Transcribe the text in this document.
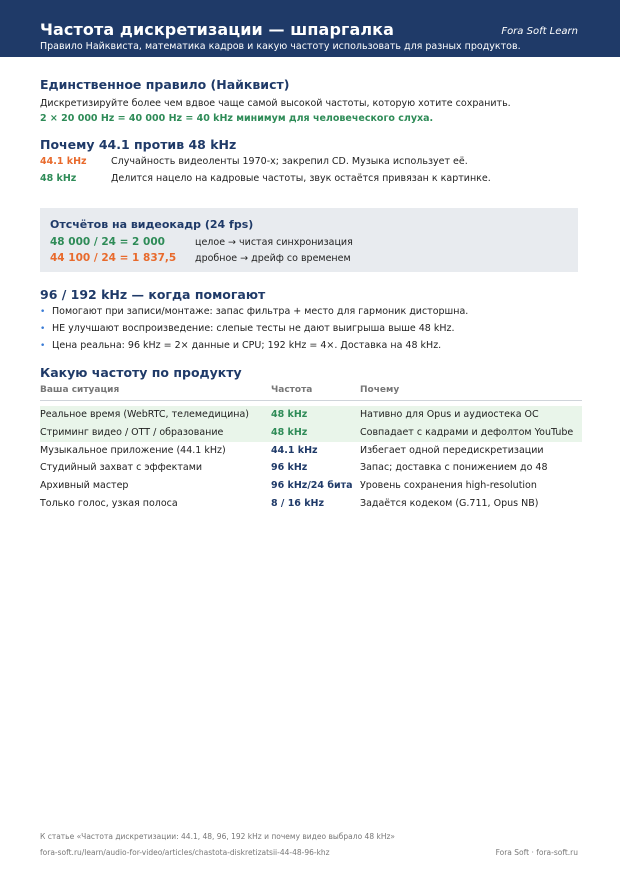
Частота дискретизации — шпаргалка	Fora Soft Learn
Правило Найквиста, математика кадров и какую частоту использовать для разных продуктов.
Единственное правило (Найквист)
Дискретизируйте более чем вдвое чаще самой высокой частоты, которую хотите сохранить.
2 × 20 000 Hz = 40 000 Hz = 40 kHz минимум для человеческого слуха.
Почему 44.1 против 48 kHz
44.1 kHz	Случайность видеоленты 1970-х; закрепил CD. Музыка использует её.
48 kHz	Делится нацело на кадровые частоты, звук остаётся привязан к картинке.
Отсчётов на видеокадр (24 fps)
48 000 / 24 = 2 000	целое → чистая синхронизация
44 100 / 24 = 1 837,5 дробное → дрейф со временем
96 / 192 kHz — когда помогают
• Помогают при записи/монтаже: запас фильтра + место для гармоник дисторшна.
• НЕ улучшают воспроизведение: слепые тесты не дают выигрыша выше 48 kHz.
• Цена реальна: 96 kHz = 2× данные и CPU; 192 kHz = 4×. Доставка на 48 kHz.
Какую частоту по продукту
Ваша ситуация	Частота	Почему
Реальное время (WebRTC, телемедицина) 48 kHz	Нативно для Opus и аудиостека ОС
Стриминг видео / OTT / образование	48 kHz	Совпадает с кадрами и дефолтом YouTube
Музыкальное приложение (44.1 kHz)	44.1 kHz	Избегает одной передискретизации
Студийный захват с эффектами	96 kHz	Запас; доставка с понижением до 48
Архивный мастер	96 kHz/24 бита Уровень сохранения high-resolution
Только голос, узкая полоса	8 / 16 kHz	Задаётся кодеком (G.711, Opus NB)
К статье «Частота дискретизации: 44.1, 48, 96, 192 kHz и почему видео выбрало 48 kHz»
fora-soft.ru/learn/audio-for-video/articles/chastota-diskretizatsii-44-48-96-khz	Fora Soft · fora-soft.ru
